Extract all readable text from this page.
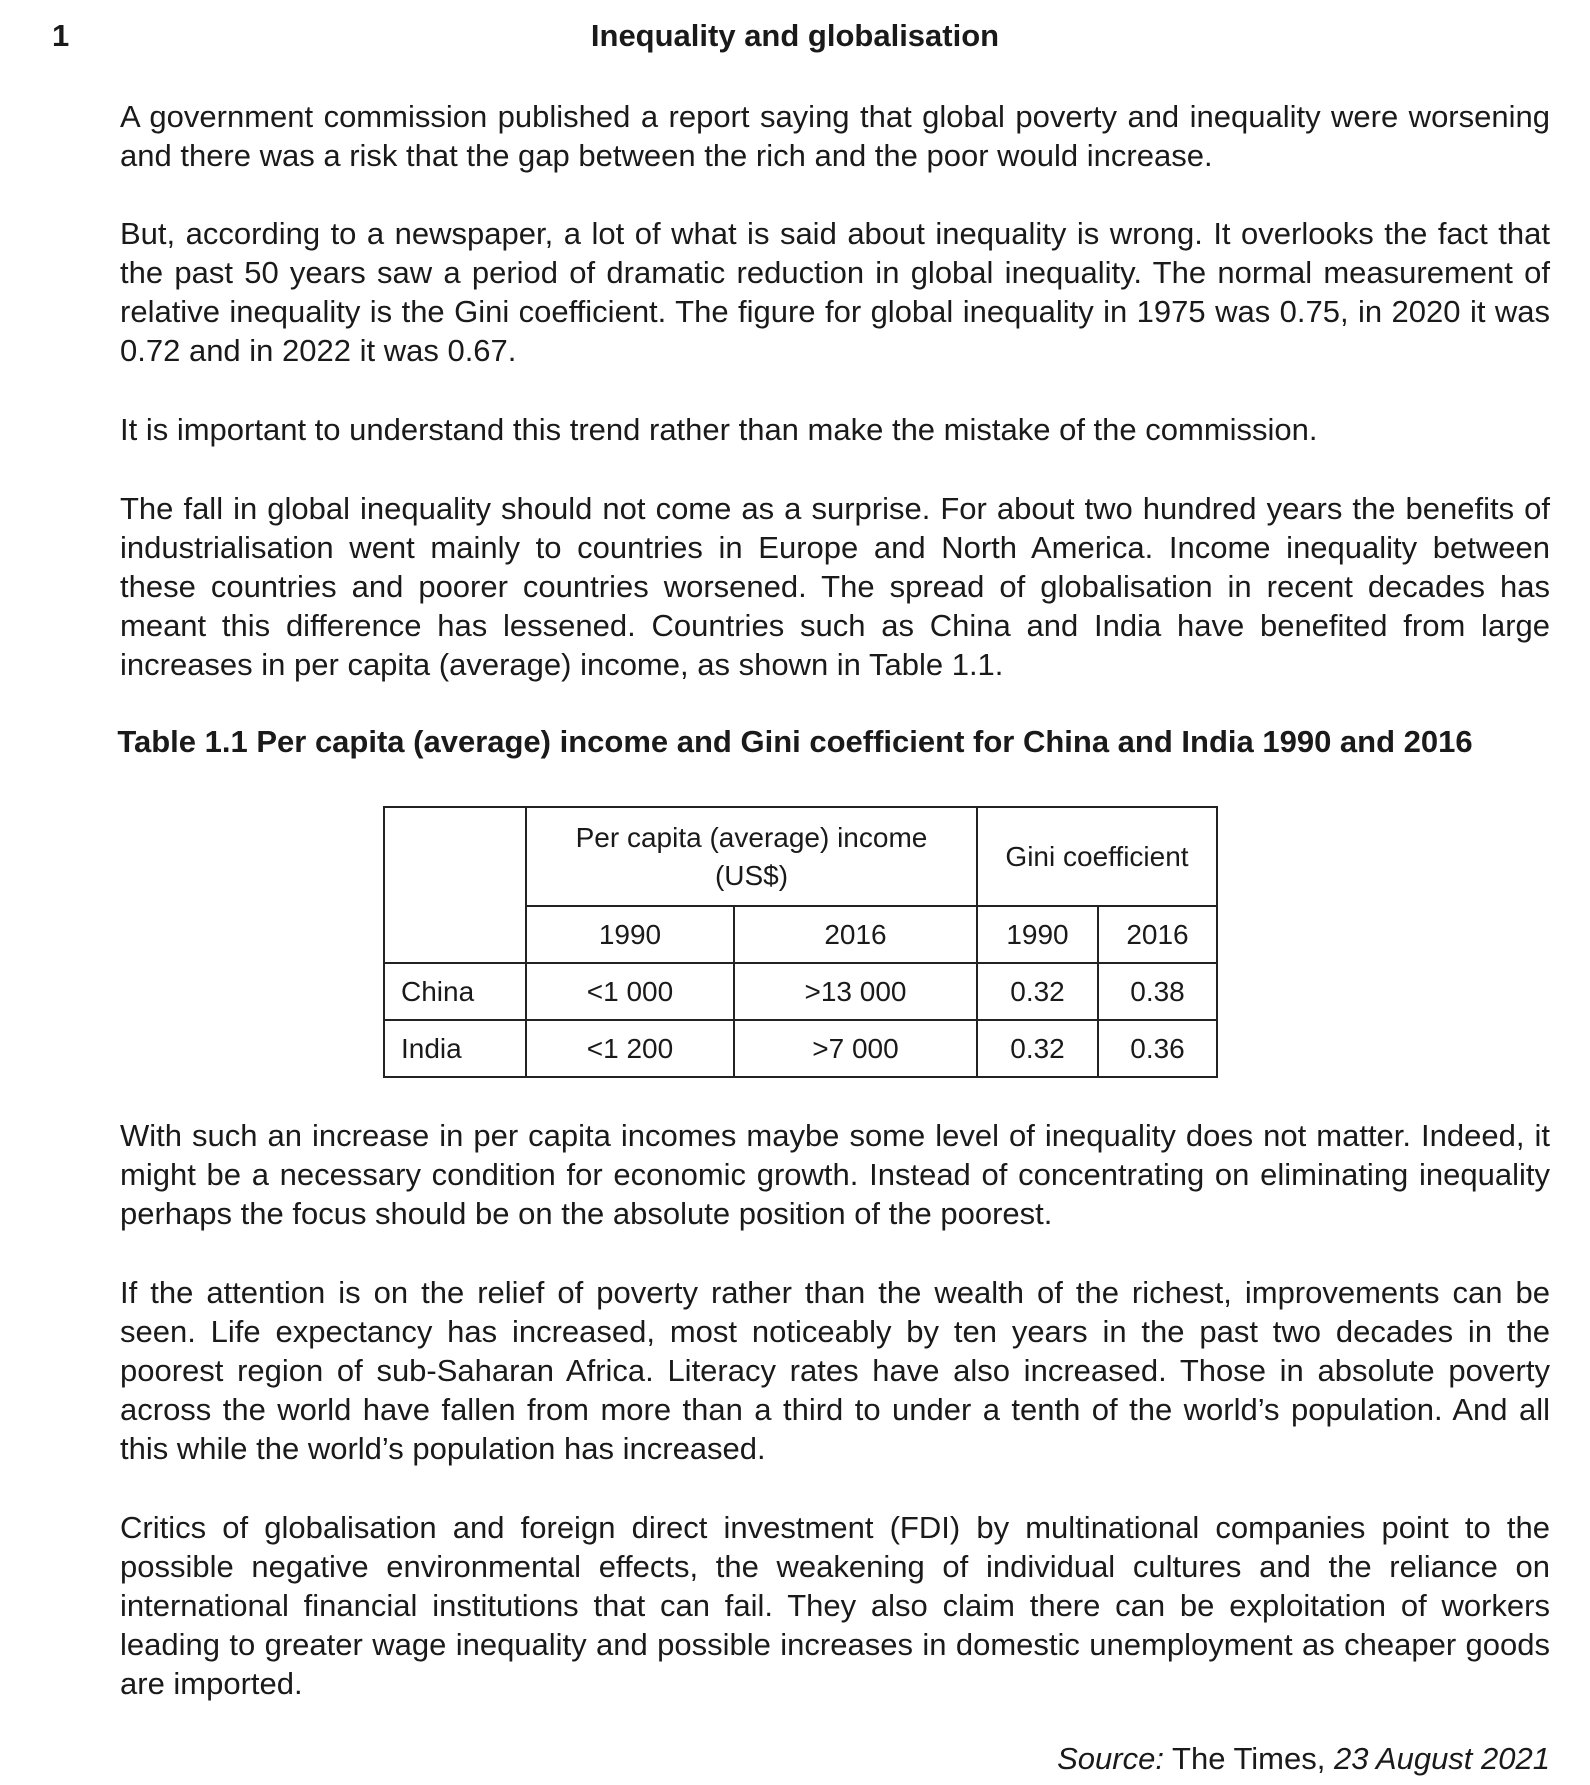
1	Inequality and globalisation

A government commission published a report saying that global poverty and inequality were worsening and there was a risk that the gap between the rich and the poor would increase.

But, according to a newspaper, a lot of what is said about inequality is wrong. It overlooks the fact that the past 50 years saw a period of dramatic reduction in global inequality. The normal measurement of relative inequality is the Gini coefficient. The figure for global inequality in 1975 was 0.75, in 2020 it was 0.72 and in 2022 it was 0.67.

It is important to understand this trend rather than make the mistake of the commission.

The fall in global inequality should not come as a surprise. For about two hundred years the benefits of industrialisation went mainly to countries in Europe and North America. Income inequality between these countries and poorer countries worsened. The spread of globalisation in recent decades has meant this difference has lessened. Countries such as China and India have benefited from large increases in per capita (average) income, as shown in Table 1.1.

Table 1.1 Per capita (average) income and Gini coefficient for China and India 1990 and 2016
	Per capita (average) income (US$)		Gini coefficient	
	1990	2016	1990	2016
China	<1 000	>13 000	0.32	0.38
India	<1 200	>7 000	0.32	0.36

With such an increase in per capita incomes maybe some level of inequality does not matter. Indeed, it might be a necessary condition for economic growth. Instead of concentrating on eliminating inequality perhaps the focus should be on the absolute position of the poorest.

If the attention is on the relief of poverty rather than the wealth of the richest, improvements can be seen. Life expectancy has increased, most noticeably by ten years in the past two decades in the poorest region of sub-Saharan Africa. Literacy rates have also increased. Those in absolute poverty across the world have fallen from more than a third to under a tenth of the world’s population. And all this while the world’s population has increased.

Critics of globalisation and foreign direct investment (FDI) by multinational companies point to the possible negative environmental effects, the weakening of individual cultures and the reliance on international financial institutions that can fail. They also claim there can be exploitation of workers leading to greater wage inequality and possible increases in domestic unemployment as cheaper goods are imported.

Source: The Times, 23 August 2021
